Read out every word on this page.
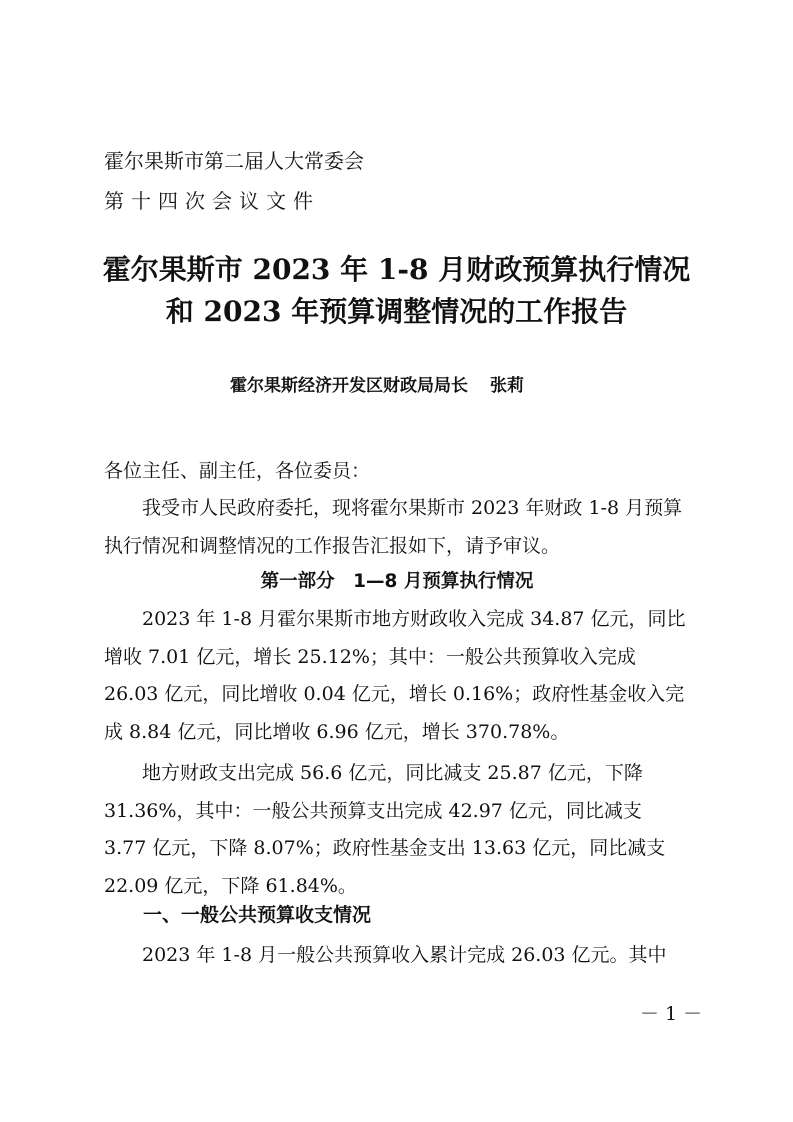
霍尔果斯市第二届人大常委会
第十四次会议文件
霍尔果斯市 2023 年 1-8 月财政预算执行情况
和 2023 年预算调整情况的工作报告
霍尔果斯经济开发区财政局局长 张莉
各位主任、副主任，各位委员：
我受市人民政府委托，现将霍尔果斯市 2023 年财政 1-8 月预算执行情况和调整情况的工作报告汇报如下，请予审议。
第一部分　1—8 月预算执行情况
2023 年 1-8 月霍尔果斯市地方财政收入完成 34.87 亿元，同比增收 7.01 亿元，增长 25.12%；其中：一般公共预算收入完成 26.03 亿元，同比增收 0.04 亿元，增长 0.16%；政府性基金收入完成 8.84 亿元，同比增收 6.96 亿元，增长 370.78%。
地方财政支出完成 56.6 亿元，同比减支 25.87 亿元，下降 31.36%，其中：一般公共预算支出完成 42.97 亿元，同比减支 3.77 亿元，下降 8.07%；政府性基金支出 13.63 亿元，同比减支 22.09 亿元，下降 61.84%。
一、一般公共预算收支情况
2023 年 1-8 月一般公共预算收入累计完成 26.03 亿元。其中
－ 1 －
